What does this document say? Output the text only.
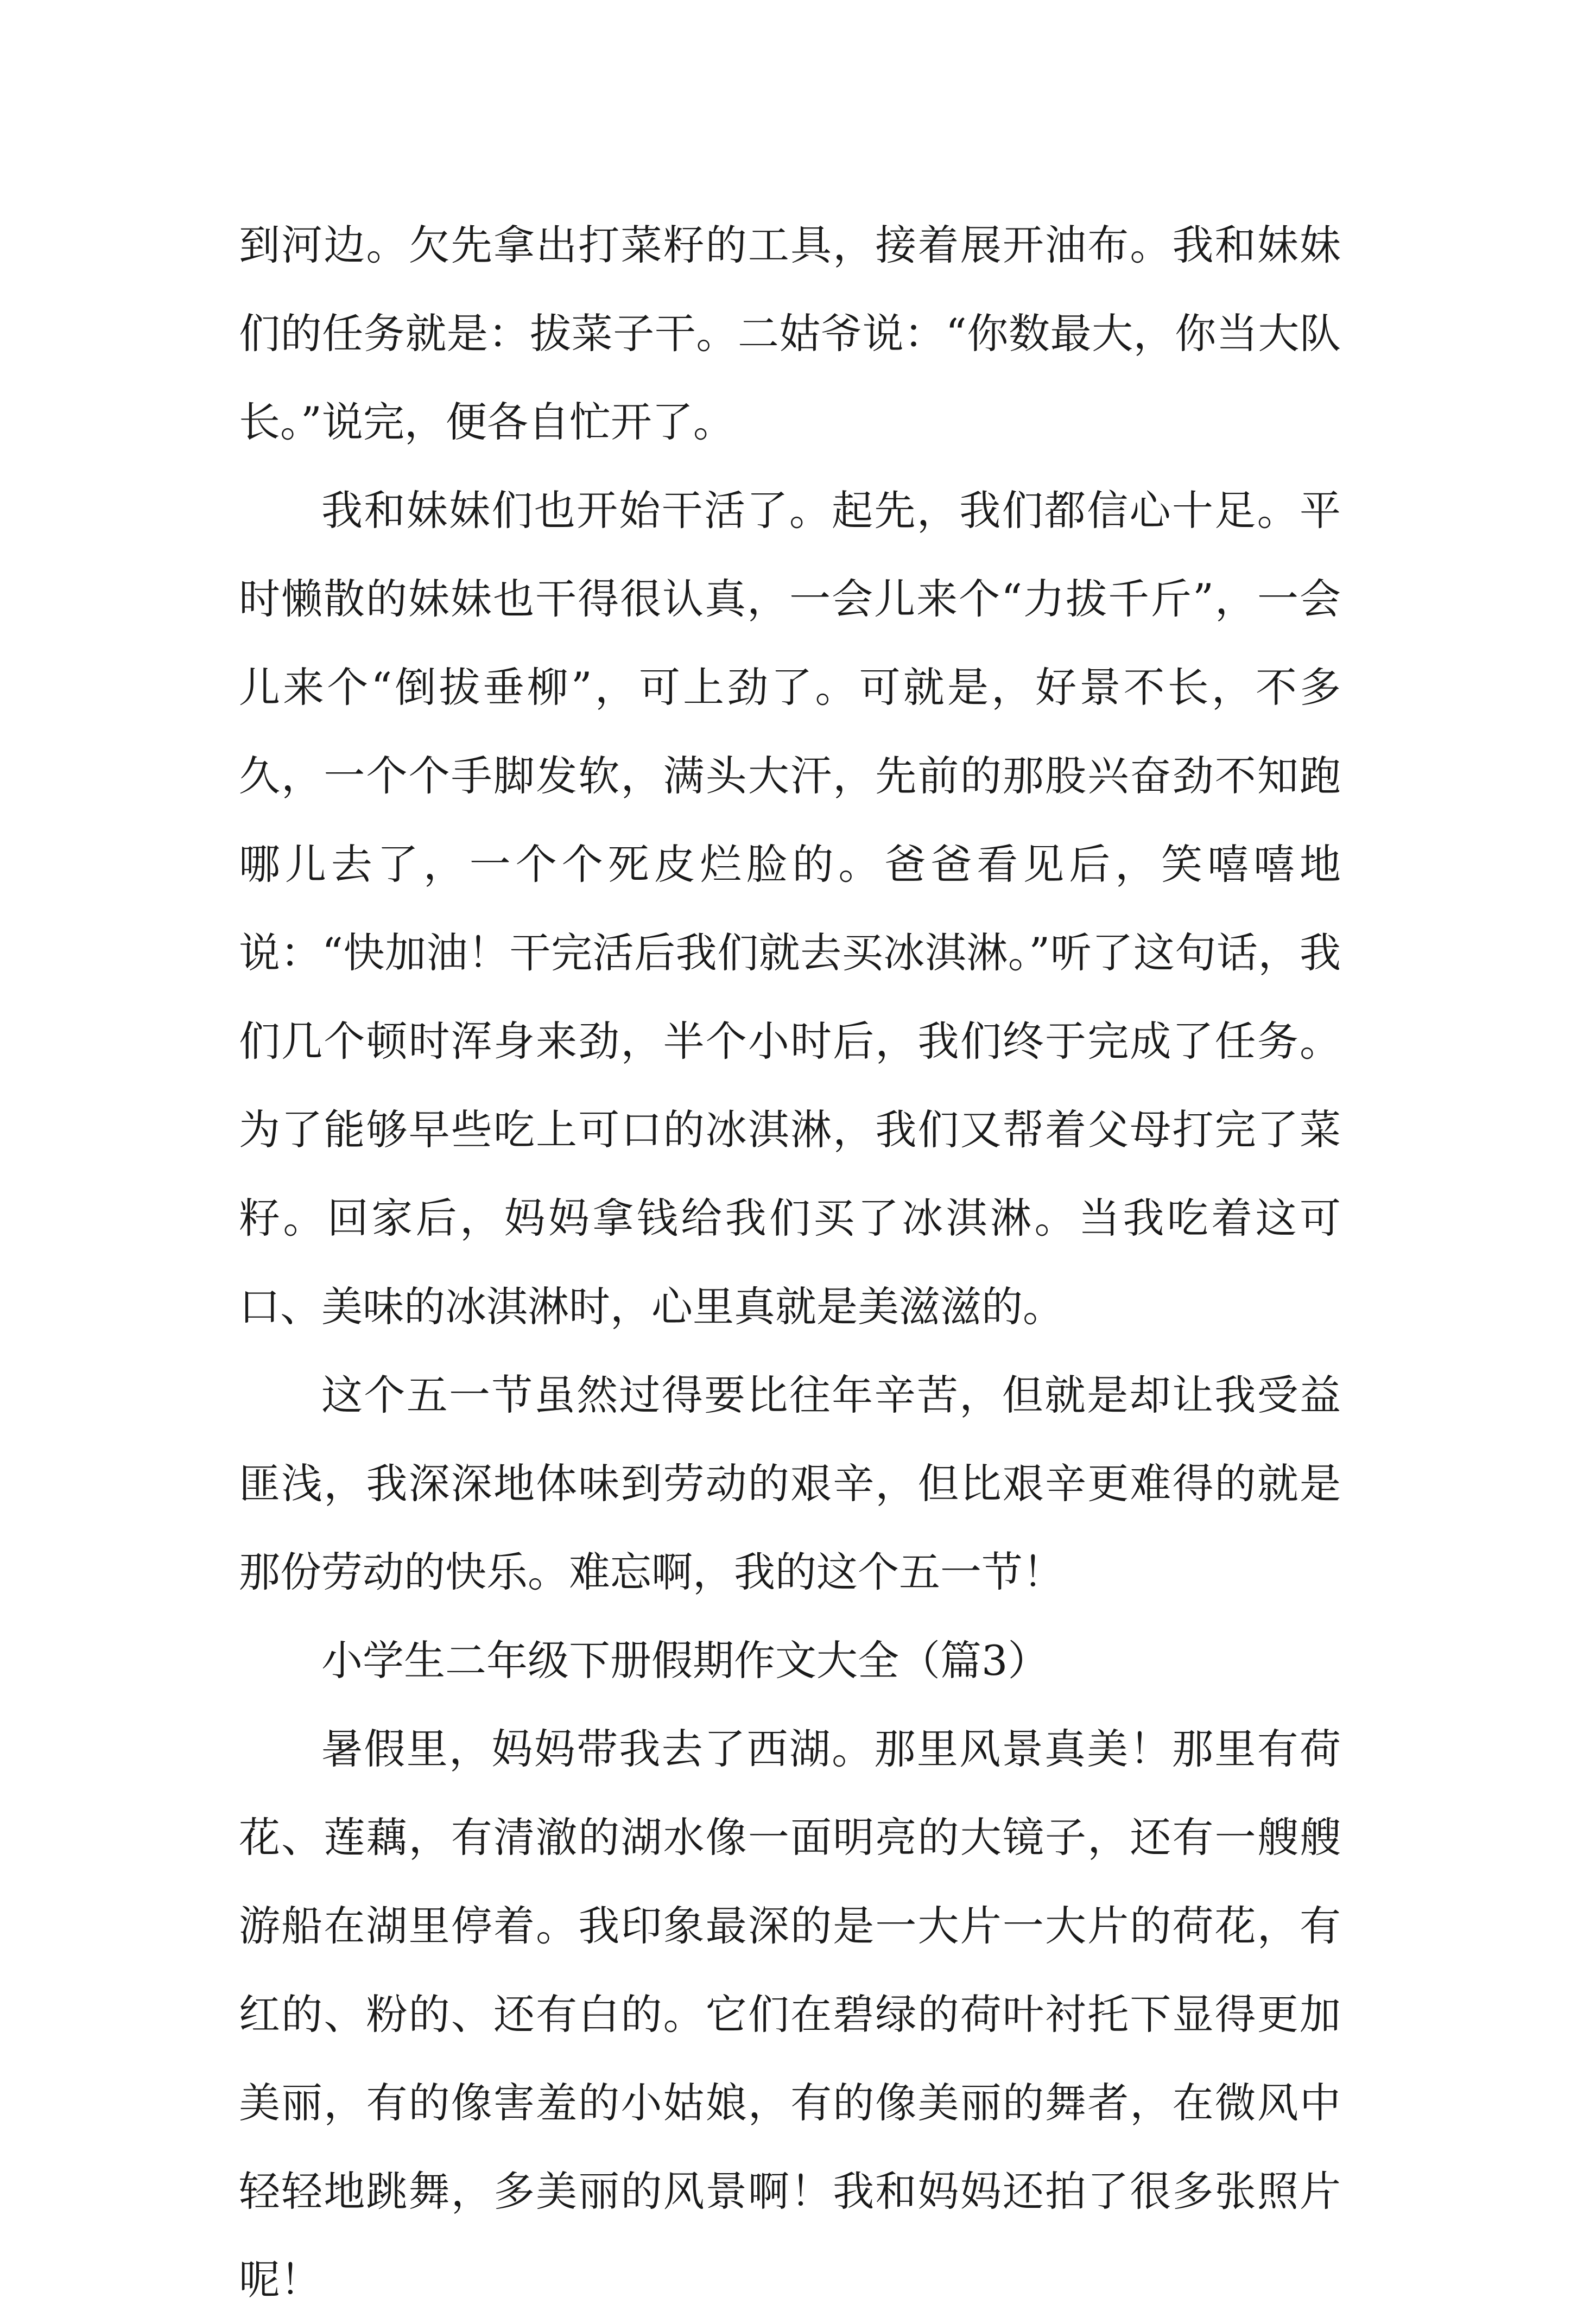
到河边。欠先拿出打菜籽的工具，接着展开油布。我和妹妹们的任务就是：拔菜子干。二姑爷说：“你数最大，你当大队长。”说完，便各自忙开了。

我和妹妹们也开始干活了。起先，我们都信心十足。平时懒散的妹妹也干得很认真，一会儿来个“力拔千斤”，一会儿来个“倒拔垂柳”，可上劲了。可就是，好景不长，不多久，一个个手脚发软，满头大汗，先前的那股兴奋劲不知跑哪儿去了，一个个死皮烂脸的。爸爸看见后，笑嘻嘻地说：“快加油！干完活后我们就去买冰淇淋。”听了这句话，我们几个顿时浑身来劲，半个小时后，我们终于完成了任务。为了能够早些吃上可口的冰淇淋，我们又帮着父母打完了菜籽。回家后，妈妈拿钱给我们买了冰淇淋。当我吃着这可口、美味的冰淇淋时，心里真就是美滋滋的。

这个五一节虽然过得要比往年辛苦，但就是却让我受益匪浅，我深深地体味到劳动的艰辛，但比艰辛更难得的就是那份劳动的快乐。难忘啊，我的这个五一节！

小学生二年级下册假期作文大全（篇3）

暑假里，妈妈带我去了西湖。那里风景真美！那里有荷花、莲藕，有清澈的湖水像一面明亮的大镜子，还有一艘艘游船在湖里停着。我印象最深的是一大片一大片的荷花，有红的、粉的、还有白的。它们在碧绿的荷叶衬托下显得更加美丽，有的像害羞的小姑娘，有的像美丽的舞者，在微风中轻轻地跳舞，多美丽的风景啊！我和妈妈还拍了很多张照片呢！
